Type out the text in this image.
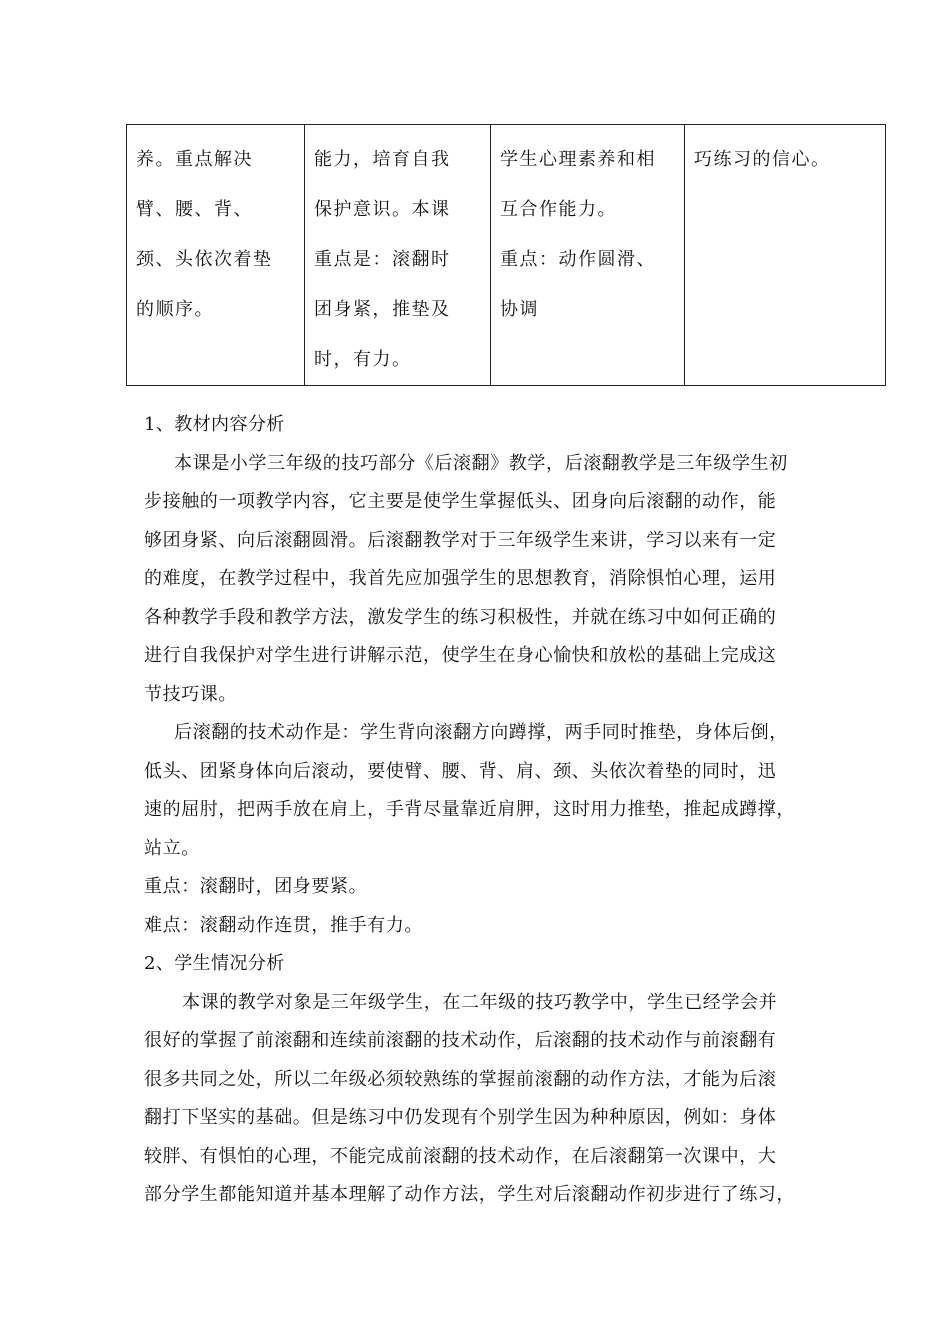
养。重点解决
臂、腰、背、
颈、头依次着垫
的顺序。

能力，培育自我
保护意识。本课
重点是：滚翻时
团身紧，推垫及
时，有力。

学生心理素养和相
互合作能力。
重点：动作圆滑、
协调

巧练习的信心。
1、教材内容分析
本课是小学三年级的技巧部分《后滚翻》教学，后滚翻教学是三年级学生初
步接触的一项教学内容，它主要是使学生掌握低头、团身向后滚翻的动作，能
够团身紧、向后滚翻圆滑。后滚翻教学对于三年级学生来讲，学习以来有一定
的难度，在教学过程中，我首先应加强学生的思想教育，消除惧怕心理，运用
各种教学手段和教学方法，激发学生的练习积极性，并就在练习中如何正确的
进行自我保护对学生进行讲解示范，使学生在身心愉快和放松的基础上完成这
节技巧课。
后滚翻的技术动作是：学生背向滚翻方向蹲撑，两手同时推垫，身体后倒，
低头、团紧身体向后滚动，要使臂、腰、背、肩、颈、头依次着垫的同时，迅
速的屈肘，把两手放在肩上，手背尽量靠近肩胛，这时用力推垫，推起成蹲撑，
站立。
重点：滚翻时，团身要紧。
难点：滚翻动作连贯，推手有力。
2、学生情况分析
本课的教学对象是三年级学生，在二年级的技巧教学中，学生已经学会并
很好的掌握了前滚翻和连续前滚翻的技术动作，后滚翻的技术动作与前滚翻有
很多共同之处，所以二年级必须较熟练的掌握前滚翻的动作方法，才能为后滚
翻打下坚实的基础。但是练习中仍发现有个别学生因为种种原因，例如：身体
较胖、有惧怕的心理，不能完成前滚翻的技术动作，在后滚翻第一次课中，大
部分学生都能知道并基本理解了动作方法，学生对后滚翻动作初步进行了练习，
